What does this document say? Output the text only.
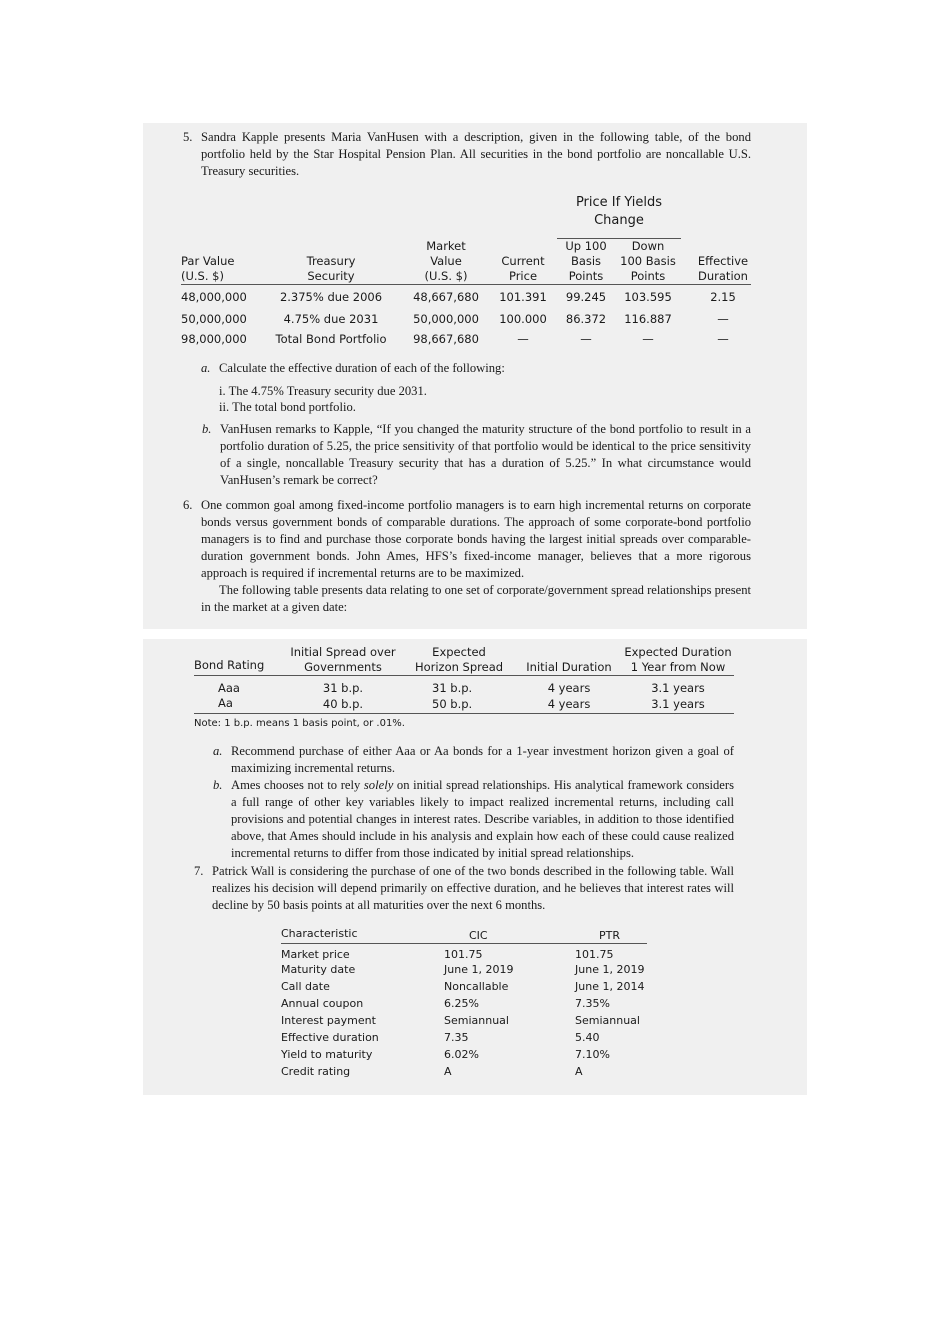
5. Sandra Kapple presents Maria VanHusen with a description, given in the following table, of the bond portfolio held by the Star Hospital Pension Plan. All securities in the bond portfolio are noncallable U.S. Treasury securities.

				Price If Yields Change		

Par Value (U.S. $)	Treasury Security	Market Value (U.S. $)	Current Price	Up 100 Basis Points	Down 100 Basis Points	Effective Duration

48,000,000	2.375% due 2006	48,667,680	101.391	99.245	103.595	2.15
50,000,000	4.75% due 2031	50,000,000	100.000	86.372	116.887	—
98,000,000	Total Bond Portfolio	98,667,680	—	—	—	—
a. Calculate the effective duration of each of the following:

i. The 4.75% Treasury security due 2031.
ii. The total bond portfolio.
b. VanHusen remarks to Kapple, “If you changed the maturity structure of the bond portfolio to result in a portfolio duration of 5.25, the price sensitivity of that portfolio would be identical to the price sensitivity of a single, noncallable Treasury security that has a duration of 5.25.” In what circumstance would VanHusen’s remark be correct?

6. One common goal among fixed-income portfolio managers is to earn high incremental returns on corporate bonds versus government bonds of comparable durations. The approach of some corporate-bond portfolio managers is to find and purchase those corporate bonds having the largest initial spreads over comparable-duration government bonds. John Ames, HFS’s fixed-income manager, believes that a more rigorous approach is required if incremental returns are to be maximized.

The following table presents data relating to one set of corporate/government spread relationships present in the market at a given date:

Bond Rating	Initial Spread over Governments	Expected Horizon Spread	Initial Duration	Expected Duration 1 Year from Now

Aaa	31 b.p.	31 b.p.	4 years	3.1 years
Aa	40 b.p.	50 b.p.	4 years	3.1 years
Note: 1 b.p. means 1 basis point, or .01%.
a. Recommend purchase of either Aaa or Aa bonds for a 1-year investment horizon given a goal of maximizing incremental returns.

b. Ames chooses not to rely solely on initial spread relationships. His analytical framework considers a full range of other key variables likely to impact realized incremental returns, including call provisions and potential changes in interest rates. Describe variables, in addition to those identified above, that Ames should include in his analysis and explain how each of these could cause realized incremental returns to differ from those indicated by initial spread relationships.

7. Patrick Wall is considering the purchase of one of the two bonds described in the following table. Wall realizes his decision will depend primarily on effective duration, and he believes that interest rates will decline by 50 basis points at all maturities over the next 6 months.

Characteristic	CIC	PTR
Market price	101.75	101.75
Maturity date	June 1, 2019	June 1, 2019
Call date	Noncallable	June 1, 2014
Annual coupon	6.25%	7.35%
Interest payment	Semiannual	Semiannual
Effective duration	7.35	5.40
Yield to maturity	6.02%	7.10%
Credit rating	A	A
